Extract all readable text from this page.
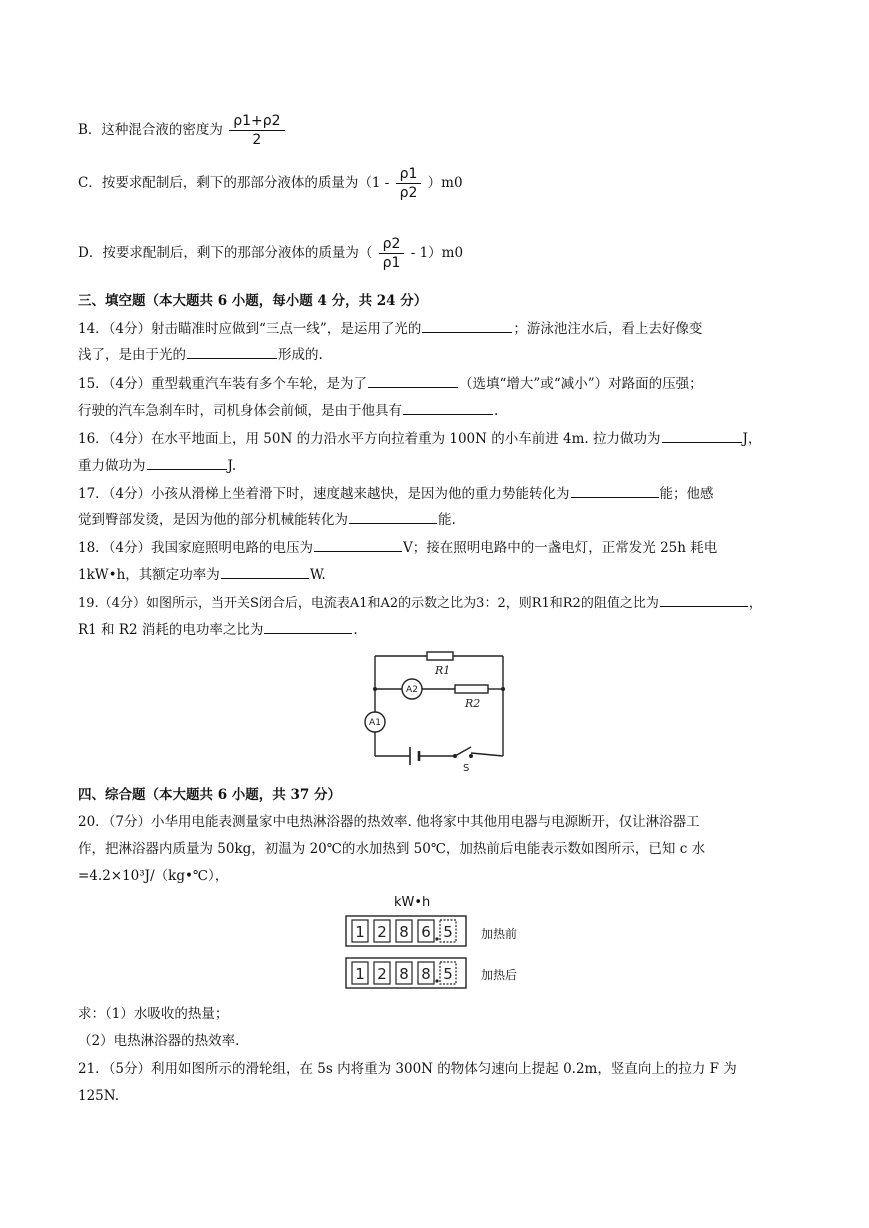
B．这种混合液的密度为 $\frac{\rho 1+\rho 2}{2}$
C．按要求配制后，剩下的那部分液体的质量为$(1 - \frac{\rho 1}{\rho 2} )m0$
D．按要求配制后，剩下的那部分液体的质量为（ $\frac{\rho 2}{\rho 1} - 1)m0$
三、填空题（本大题共 6 小题，每小题 4 分，共 24 分）
14．（4分）射击瞄准时应做到“三点一线”，是运用了光的	；游泳池注水后，看上去好像变
浅了，是由于光的	形成的.
15．（4分）重型载重汽车装有多个车轮，是为了	（选填“增大”或“减小”）对路面的压强；
行驶的汽车急刹车时，司机身体会前倾，是由于他具有	.
16．（4分）在水平地面上，用 50N 的力沿水平方向拉着重为 100N 的小车前进 4m. 拉力做功为	J，
重力做功为	J.
17．（4分）小孩从滑梯上坐着滑下时，速度越来越快，是因为他的重力势能转化为	能；他感
觉到臀部发烫，是因为他的部分机械能转化为	能.
18．（4分）我国家庭照明电路的电压为	V；接在照明电路中的一盏电灯，正常发光 25h 耗电
1kW•h，其额定功率为	W.
19.（4分）如图所示，当开关S闭合后，电流表A1和A2的示数之比为3：2，则R1和R2的阻值之比为	，
R1 和 R2 消耗的电功率之比为	.
R1
R2
A2
A1
S
四、综合题（本大题共 6 小题，共 37 分）
20．（7分）小华用电能表测量家中电热淋浴器的热效率. 他将家中其他用电器与电源断开，仅让淋浴器工
作，把淋浴器内质量为 50kg，初温为 20℃的水加热到 50℃，加热前后电能表示数如图所示，已知 c 水
=4.2×10³J/（kg•℃），
kW•h
1 2 8 6 5
1 2 8 8 5
加热前
加热后
求：（1）水吸收的热量；
（2）电热淋浴器的热效率.
21．（5分）利用如图所示的滑轮组，在 5s 内将重为 300N 的物体匀速向上提起 0.2m，竖直向上的拉力 F 为
125N.
